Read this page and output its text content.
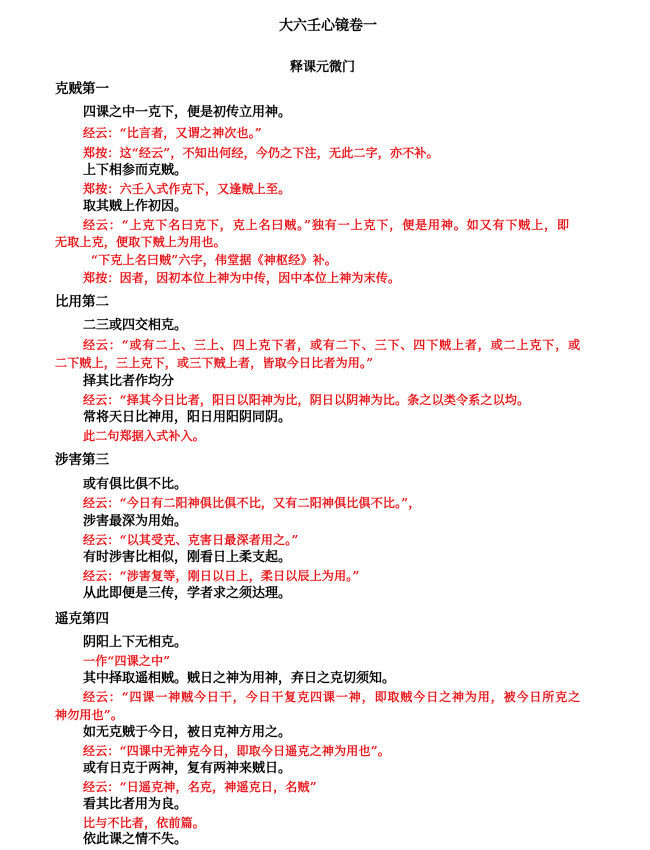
大六壬心镜卷一
释课元微门
克贼第一
四课之中一克下，便是初传立用神。
经云：“比言者，又谓之神次也。”
郑按：这“经云”，不知出何经，今仍之下注，无此二字，亦不补。
上下相参而克贼。
郑按：六壬入式作克下，又逢贼上至。
取其贼上作初因。
经云：“上克下名曰克下，克上名曰贼。”独有一上克下，便是用神。如又有下贼上，即
无取上克，便取下贼上为用也。
“下克上名曰贼”六字，伟堂据《神枢经》补。
郑按：因者，因初本位上神为中传，因中本位上神为末传。
比用第二
二三或四交相克。
经云：“或有二上、三上、四上克下者，或有二下、三下、四下贼上者，或二上克下，或
二下贼上，三上克下，或三下贼上者，皆取今日比者为用。”
择其比者作均分
经云：“择其今日比者，阳日以阳神为比，阴日以阴神为比。条之以类令系之以均。
常将天日比神用，阳日用阳阴同阴。
此二句郑据入式补入。
涉害第三
或有俱比俱不比。
经云：“今日有二阳神俱比俱不比，又有二阳神俱比俱不比。”，
涉害最深为用始。
经云：“以其受克、克害日最深者用之。”
有时涉害比相似，刚看日上柔支起。
经云：“涉害复等，刚日以日上，柔日以辰上为用。”
从此即便是三传，学者求之须达理。
遥克第四
阴阳上下无相克。
一作“四课之中”
其中择取遥相贼。贼日之神为用神，弃日之克切须知。
经云：“四课一神贼今日干，今日干复克四课一神，即取贼今日之神为用，被今日所克之
神勿用也”。
如无克贼于今日，被日克神方用之。
经云：“四课中无神克今日，即取今日遥克之神为用也”。
或有日克于两神，复有两神来贼日。
经云：“日遥克神，名克，神遥克日，名贼”
看其比者用为良。
比与不比者，依前篇。
依此课之情不失。
